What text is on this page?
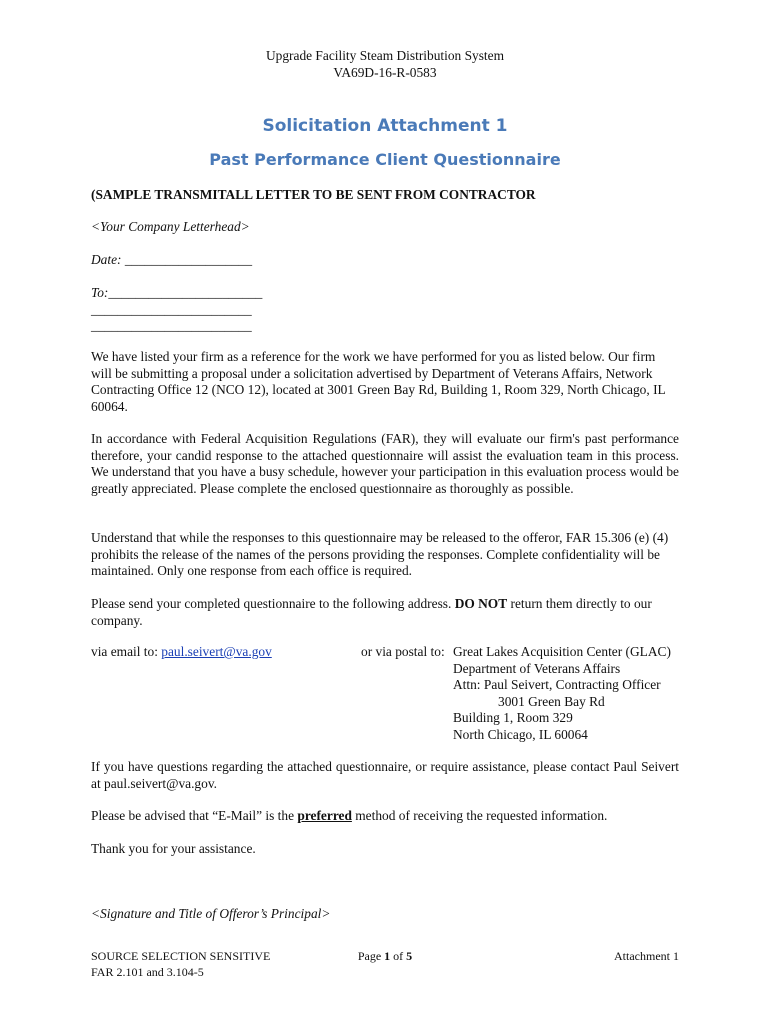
Upgrade Facility Steam Distribution System
VA69D-16-R-0583
Solicitation Attachment 1
Past Performance Client Questionnaire
(SAMPLE TRANSMITALL LETTER TO BE SENT FROM CONTRACTOR
<Your Company Letterhead>
Date: ___________________
To:_______________________
________________________
________________________
We have listed your firm as a reference for the work we have performed for you as listed below. Our firm will be submitting a proposal under a solicitation advertised by Department of Veterans Affairs, Network Contracting Office 12 (NCO 12), located at 3001 Green Bay Rd, Building 1, Room 329, North Chicago, IL 60064.
In accordance with Federal Acquisition Regulations (FAR), they will evaluate our firm's past performance therefore, your candid response to the attached questionnaire will assist the evaluation team in this process. We understand that you have a busy schedule, however your participation in this evaluation process would be greatly appreciated. Please complete the enclosed questionnaire as thoroughly as possible.
Understand that while the responses to this questionnaire may be released to the offeror, FAR 15.306 (e) (4) prohibits the release of the names of the persons providing the responses. Complete confidentiality will be maintained. Only one response from each office is required.
Please send your completed questionnaire to the following address. DO NOT return them directly to our company.
via email to: paul.seivert@va.gov	or via postal to: Great Lakes Acquisition Center (GLAC)
Department of Veterans Affairs
Attn: Paul Seivert, Contracting Officer
3001 Green Bay Rd
Building 1, Room 329
North Chicago, IL 60064
If you have questions regarding the attached questionnaire, or require assistance, please contact Paul Seivert at paul.seivert@va.gov.
Please be advised that “E-Mail” is the preferred method of receiving the requested information.
Thank you for your assistance.
<Signature and Title of Offeror’s Principal>
SOURCE SELECTION SENSITIVE
FAR 2.101 and 3.104-5
Page 1 of 5	Attachment 1
